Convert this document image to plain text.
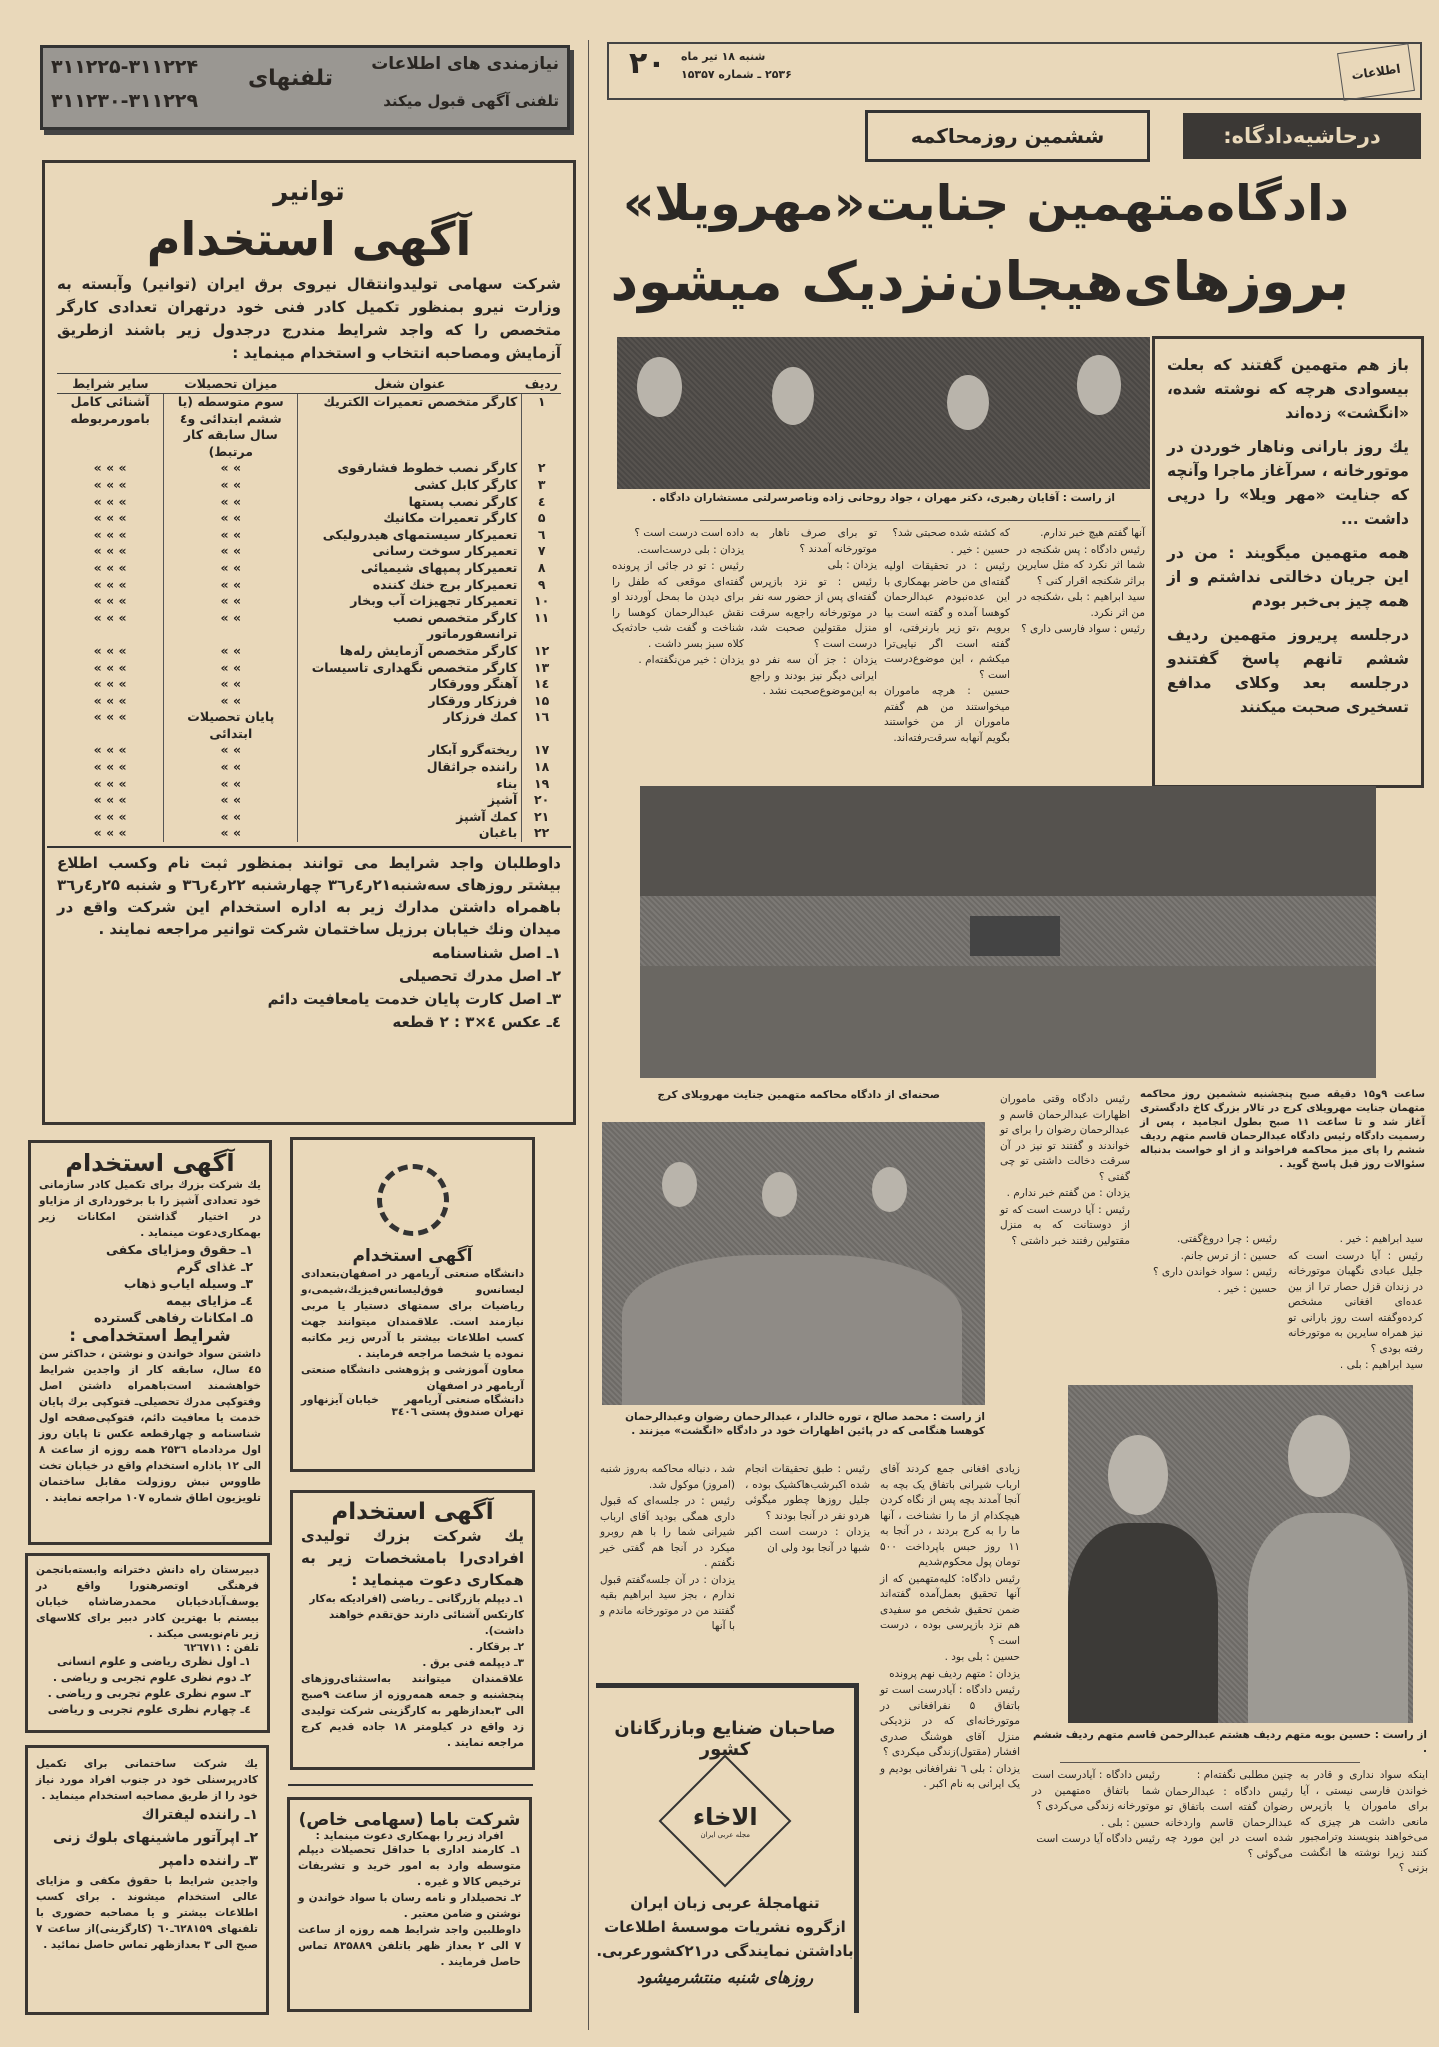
نیازمندی های اطلاعات
تلفنی آگهی قبول میکند
تلفنهای
۳۱۱۲۲۵-۳۱۱۲۲۴
۳۱۱۲۳۰-۳۱۱۲۲۹
اطلاعات
شنبه ۱۸ تیر ماه
۲۵۳۶ ـ شماره ۱۵۳۵۷
۲۰
درحاشیه‌دادگاه:
ششمین روزمحاکمه
دادگاه‌متهمین جنایت«مهرویلا»
بروزهای‌هیجان‌نزدیک میشود
از راست : آقایان رهبری، دکتر مهران ، جواد روحانی زاده وناصرسرلتی مستشاران دادگاه .

باز هم متهمین گفتند که بعلت بیسوادی هرچه که نوشته شده، «انگشت» زده‌اند

یك روز بارانی وناهار خوردن در موتورخانه ، سرآغاز ماجرا وآنچه که جنایت «مهر ویلا» را درپی داشت ...

همه متهمین میگویند : من در این جریان دخالتی نداشتم و از همه چیز بی‌خبر بودم

درجلسه پریروز متهمین ردیف ششم تانهم پاسخ گفتندو درجلسه بعد وکلای مدافع تسخیری صحبت میکنند

آنها گفتم هیچ خبر ندارم.

رئیس دادگاه : پس شکنجه در شما اثر نکرد که مثل سایرین براثر شکنجه اقرار کنی ؟

سید ابراهیم : بلی ،شکنجه در من اثر نکرد.

رئیس : سواد فارسی داری ؟

که کشته شده صحبتی شد؟

حسین : خیر .

رئیس : در تحقیقات اولیه گفته‌ای من حاضر بهمکاری با این عده‌نبودم عبدالرحمان کوهسا آمده و گفته است بیا برویم ،تو زیر بارنرفتی، او گفته است اگر نیایی‌ترا میکشم ، این موضوع‌درست است ؟

حسین : هرچه ماموران میخواستند من هم گفتم ماموران از من خواستند بگویم آنهابه سرقت‌رفته‌اند.

تو برای صرف ناهار به موتورخانه آمدند ؟

یزدان : بلی

رئیس : تو نزد بازپرس گفته‌ای پس از حضور سه نفر در موتورخانه راجع‌به سرقت منزل مقتولین صحبت شد، درست است ؟

یزدان : جز آن سه نفر دو ایرانی دیگر نیز بودند و راجع به این‌موضوع‌صحبت نشد .

داده است درست است ؟

یزدان : بلی درست‌است.

رئیس : تو در جائی از پرونده گفته‌ای موقعی که طفل را برای دیدن ما بمحل آوردند او نقش عبدالرحمان کوهسا را شناخت و گفت شب حادثه‌یک کلاه سبز بسر داشت .

یزدان : خیر من‌نگفته‌ام .

صحنه‌ای از دادگاه محاکمه متهمین جنایت مهرویلای کرج	ساعت ۹و۱۵ دقیقه صبح پنجشنبه ششمین روز محاکمه متهمان جنایت مهرویلای کرج در تالار بزرگ کاخ دادگستری آغاز شد و تا ساعت ۱۱ صبح بطول انجامید ، پس از رسمیت دادگاه رئیس دادگاه عبدالرحمان قاسم متهم ردیف ششم را پای میز محاکمه فراخواند و از او خواست بدنباله سئوالات روز قبل پاسخ گوید .
از راست : محمد صالح ، توره خالدار ، عبدالرحمان رضوان وعبدالرحمان کوهسا هنگامی که در پائین اظهارات خود در دادگاه «انگشت» میزنند .

رئیس دادگاه وقتی ماموران اظهارات عبدالرحمان قاسم و عبدالرحمان رضوان را برای تو خواندند و گفتند تو نیز در آن سرقت دخالت داشتی تو چی گفتی ؟

یزدان : من گفتم خبر ندارم .

رئیس : آیا درست است که تو از دوستانت که به منزل مقتولین رفتند خبر داشتی ؟	رئیس : چرا دروغ‌گفتی.

حسین : از ترس جانم.

رئیس : سواد خواندن داری ؟

حسین : خیر .

سید ابراهیم : خیر .

رئیس : آیا درست است که جلیل عبادی نگهبان موتورخانه در زندان قزل حصار ترا از بین عده‌ای افغانی مشخص کرده‌وگفته است روز بارانی تو نیز همراه سایرین به موتورخانه رفته بودی ؟

سید ابراهیم : بلی .

شد ، دنباله محاکمه به‌روز شنبه (امروز) موکول شد.

رئیس : در جلسه‌ای که قبول داری همگی بودید آقای ارباب شیرانی شما را با هم روبرو میکرد در آنجا هم گفتی خیر نگفتم .

یزدان : در آن جلسه‌گفتم قبول ندارم ، بجز سید ابراهیم بقیه گفتند من در موتورخانه ماندم و با آنها

رئیس : طبق تحقیقات انجام شده اکبرشب‌هاکشیک بوده ، جلیل روزها چطور میگوئی هردو نفر در آنجا بودند ؟

یزدان : درست است اکبر شبها در آنجا بود ولی ان

زیادی افغانی جمع کردند آقای ارباب شیرانی باتفاق یک بچه به آنجا آمدند بچه پس از نگاه کردن هیچکدام از ما را نشناخت ، آنها ما را به کرج بردند ، در آنجا به ۱۱ روز حبس باپرداخت ۵۰۰ تومان پول محکوم‌شدیم

رئیس دادگاه: کلیه‌متهمین که از آنها تحقیق بعمل‌آمده گفته‌اند ضمن تحقیق شخص مو سفیدی هم نزد بازپرسی بوده ، درست است ؟

حسین : بلی بود .

یزدان : متهم ردیف نهم پرونده

رئیس دادگاه : آیادرست است تو باتفاق ۵ نفرافغانی در موتورخانه‌ای که در نزدیکی منزل آقای هوشنگ صدری افشار (مقتول)زندگی میکردی ؟

یزدان : بلی ٦ نفرافغانی بودیم و یک ایرانی به نام اکبر .

از راست : حسین بوبه متهم ردیف هشتم عبدالرحمن قاسم متهم ردیف ششم .

اینکه سواد نداری و قادر به خواندن فارسی نیستی ، آیا برای ماموران یا بازپرس مانعی داشت هر چیزی که می‌خواهند بنویسند وترامجبور کنند زیرا نوشته ها انگشت بزنی ؟

چنین مطلبی نگفته‌ام :

رئیس دادگاه : عبدالرحمان رضوان گفته است باتفاق تو عبدالرحمان قاسم واردخانه شده است در این مورد چه می‌گوئی ؟

رئیس دادگاه : آیادرست است شما باتفاق ه‌متهمین در موتورخانه زندگی می‌کردی ؟

حسین : بلی .

رئیس دادگاه آیا درست است

صاحبان ضنایع وبازرگانان کشور
الاخاء
مجله عربی ایران
تنهامجلهٔ عربی زبان ایران
ازگروه نشریات موسسهٔ اطلاعات
باداشتن نمایندگی در۲۱کشورعربی.
روزهای شنبه منتشرمیشود
توانیر
آگهی استخدام
شرکت سهامی تولیدوانتقال نیروی برق ایران (توانیر) وآبسته به وزارت نیرو بمنظور تکمیل کادر فنی خود درتهران تعدادی کارگر متخصص را که واجد شرایط مندرج درجدول زیر باشند ازطریق آزمایش ومصاحبه انتخاب و استخدام مینماید :
ردیف	عنوان شغل	میزان تحصیلات	سایر شرایط
۱	کارگر متخصص تعمیرات الکتریك	سوم متوسطه (یا ششم ابتدائی و٤ سال سابقه کار مرتبط)	آشنائی کامل بامورمربوطه
۲	کارگر نصب خطوط فشارقوی	» »	» » »
۳	کارگر کابل کشی	» »	» » »
٤	کارگر نصب پستها	» »	» » »
۵	کارگر تعمیرات مکانیك	» »	» » »
٦	تعمیرکار سیستمهای هیدرولیکی	» »	» » »
۷	تعمیرکار سوخت رسانی	» »	» » »
۸	تعمیرکار پمپهای شیمیائی	» »	» » »
۹	تعمیرکار برج خنك کننده	» »	» » »
۱۰	تعمیرکار تجهیزات آب وبخار	» »	» » »
۱۱	کارگر متخصص نصب ترانسفورماتور	» »	» » »
۱۲	کارگر متخصص آزمایش رله‌ها	» »	» » »
۱۳	کارگر متخصص نگهداری تاسیسات	» »	» » »
۱٤	آهنگر وورقکار	» »	» » »
۱۵	فرزکار ورقکار	» »	» » »
۱٦	کمك فرزکار	پایان تحصیلات ابتدائی	» » »
۱۷	ریخته‌گرو آبکار	» »	» » »
۱۸	راننده جراثقال	» »	» » »
۱۹	بناء	» »	» » »
۲۰	آشپز	» »	» » »
۲۱	کمك آشپز	» »	» » »
۲۲	باغبان	» »	» » »
داوطلبان واجد شرایط می توانند بمنظور ثبت نام وکسب اطلاع بیشتر روزهای سه‌شنبه۲۱ر٤ر۳٦ چهارشنبه ۲۲ر٤ر۳٦ و شنبه ۲۵ر٤ر۳٦ باهمراه داشتن مدارك زیر به اداره استخدام این شرکت واقع در میدان ونك خیابان برزیل ساختمان شرکت توانیر مراجعه نمایند .
۱ـ اصل شناسنامه
۲ـ اصل مدرك تحصیلی
۳ـ اصل کارت پایان خدمت یامعافیت دائم
٤ـ عکس ٤×۳ : ۲ قطعه
آگهی استخدام
یك شرکت بزرك برای تکمیل کادر سازمانی خود تعدادی آشپز را با برخورداری از مزایاو در اختیار گذاشتن امکانات زیر بهمکاری‌دعوت مینماید .
۱ـ حقوق ومزایای مکفی
۲ـ غذای گرم
۳ـ وسیله ایاب‌و ذهاب
٤ـ مزایای بیمه
۵ـ امکانات رفاهی گسترده
شرایط استخدامی :
داشتن سواد خواندن و نوشتن ، حداکثر سن ٤۵ سال، سابقه کار از واجدین شرایط خواهشمند است‌باهمراه داشتن اصل وفتوکپی مدرك تحصیلی‌ـ فتوکپی برك پایان خدمت یا معافیت دائم، فتوکپی‌صفحه اول شناسنامه و چهارقطعه عکس تا پایان روز اول مردادماه ۲۵۳٦ همه روزه از ساعت ۸ الی ۱۲ باداره استخدام واقع در خیابان تخت طاووس نبش روزولت مقابل ساختمان تلویزیون اطاق شماره ۱۰۷ مراجعه نمایند .
آگهی استخدام
دانشگاه صنعتی آریامهر در اصفهان‌بتعدادی لیسانس‌و فوق‌لیسانس‌فیزیك،شیمی،و ریاضیات برای سمتهای دستیار یا مربی نیازمند است. علاقمندان میتوانند جهت کسب اطلاعات بیشتر با آدرس زیر مکاتبه نموده یا شخصا مراجعه فرمایند .
معاون آموزشی و پژوهشی دانشگاه صنعتی آریامهر در اصفهان
دانشگاه صنعتی آریامهر
خیابان آیزنهاور
تهران صندوق پستی ۳٤۰٦
دبیرستان راه دانش دخترانه وابسته‌بانجمن فرهنگی اوتصرهتورا واقع در یوسف‌آبادخیابان محمدرضاشاه خیابان بیستم با بهترین کادر دبیر برای کلاسهای زیر نام‌نویسی میکند .
تلفن : ٦۲٦۷۱۱
۱ـ اول نظری ریاضی و علوم انسانی
۲ـ دوم نظری علوم تجربی و ریاضی .
۳ـ سوم نظری علوم تجربی و ریاضی .
٤ـ چهارم نظری علوم تجربی و ریاضی
آگهی استخدام
یك شرکت بزرك تولیدی افرادی‌را بامشخصات زیر به همکاری دعوت مینماید :
۱ـ دیپلم بازرگانی ـ ریاضی (افرادیکه به‌کار کارتکس آشنائی دارند حق‌تقدم خواهند داشت).
۲ـ برقکار .
۳ـ دیپلمه فنی برق .
علاقمندان میتوانند به‌استثنای‌روزهای پنجشنبه و جمعه همه‌روزه از ساعت ۹صبح الی ۳بعدازظهر به کارگزینی شرکت تولیدی زد واقع در کیلومتر ۱۸ جاده قدیم کرج مراجعه نمایند .
یك شرکت ساختمانی برای تکمیل کادرپرسنلی خود در جنوب افراد مورد نیاز خود را از طریق مصاحبه استخدام مینماید .
۱ـ راننده لیفتراك
۲ـ اپرآتور ماشینهای بلوك زنی
۳ـ راننده دامپر
واجدین شرایط با حقوق مکفی و مزایای عالی استخدام میشوند . برای کسب اطلاعات بیشتر و یا مصاحبه حضوری با تلفنهای ٦۲۸۱۵۹ـ٦۰ (کارگزینی)از ساعت ۷ صبح الی ۳ بعدازظهر تماس حاصل نمائید .
شرکت باما (سهامی خاص)
افراد زیر را بهمکاری دعوت مینماید :
۱ـ کارمند اداری با حداقل تحصیلات دیپلم متوسطه وارد به امور خرید و تشریفات ترخیص کالا و غیره .
۲ـ تحصیلدار و نامه رسان با سواد خواندن و نوشتن و ضامن معتبر .
داوطلبین واجد شرایط همه روزه از ساعت ۷ الی ۲ بعداز ظهر باتلفن ۸۳۵۸۸۹ تماس حاصل فرمایند .
